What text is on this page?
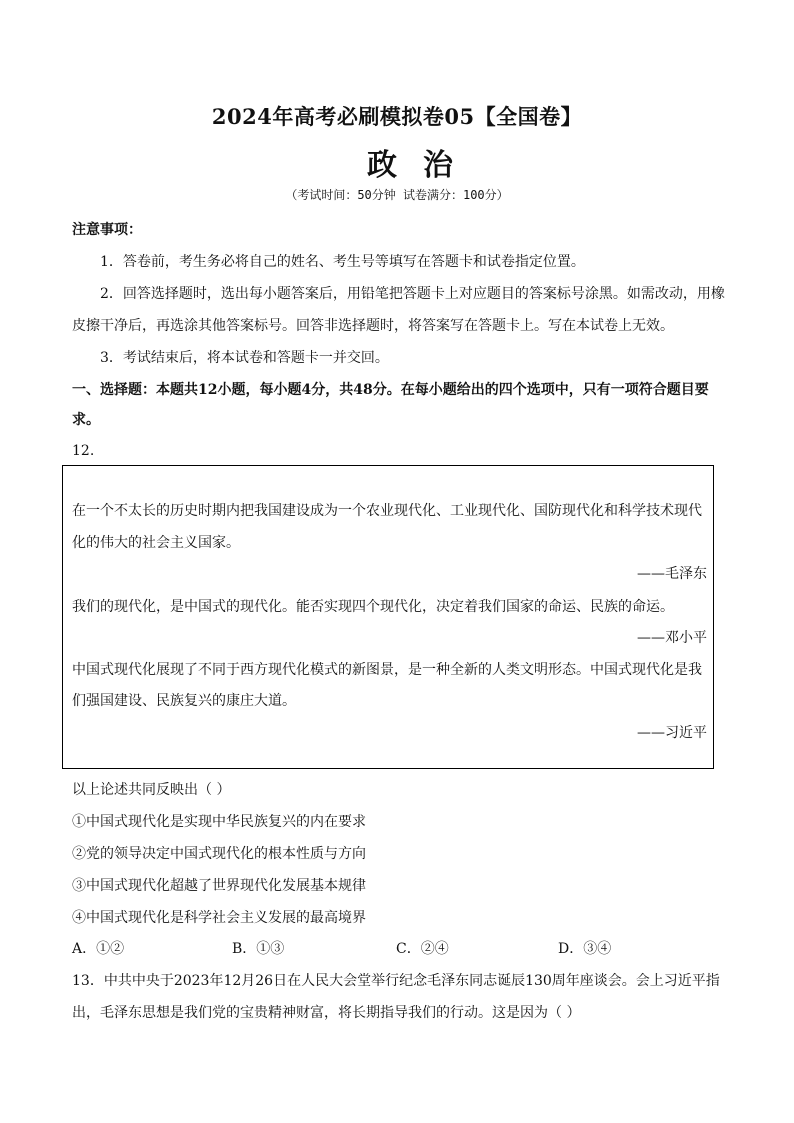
2024年高考必刷模拟卷05【全国卷】
政治
（考试时间：50分钟 试卷满分：100分）
注意事项：
1．答卷前，考生务必将自己的姓名、考生号等填写在答题卡和试卷指定位置。
2．回答选择题时，选出每小题答案后，用铅笔把答题卡上对应题目的答案标号涂黑。如需改动，用橡
皮擦干净后，再选涂其他答案标号。回答非选择题时，将答案写在答题卡上。写在本试卷上无效。
3．考试结束后，将本试卷和答题卡一并交回。
一、选择题：本题共12小题，每小题4分，共48分。在每小题给出的四个选项中，只有一项符合题目要
求。
12.
在一个不太长的历史时期内把我国建设成为一个农业现代化、工业现代化、国防现代化和科学技术现代
化的伟大的社会主义国家。
——毛泽东
我们的现代化，是中国式的现代化。能否实现四个现代化，决定着我们国家的命运、民族的命运。
——邓小平
中国式现代化展现了不同于西方现代化模式的新图景，是一种全新的人类文明形态。中国式现代化是我
们强国建设、民族复兴的康庄大道。
——习近平
以上论述共同反映出（ ）
①中国式现代化是实现中华民族复兴的内在要求
②党的领导决定中国式现代化的根本性质与方向
③中国式现代化超越了世界现代化发展基本规律
④中国式现代化是科学社会主义发展的最高境界
A．①②	B．①③	C．②④	D．③④
13．中共中央于2023年12月26日在人民大会堂举行纪念毛泽东同志诞辰130周年座谈会。会上习近平指
出，毛泽东思想是我们党的宝贵精神财富，将长期指导我们的行动。这是因为（ ）
